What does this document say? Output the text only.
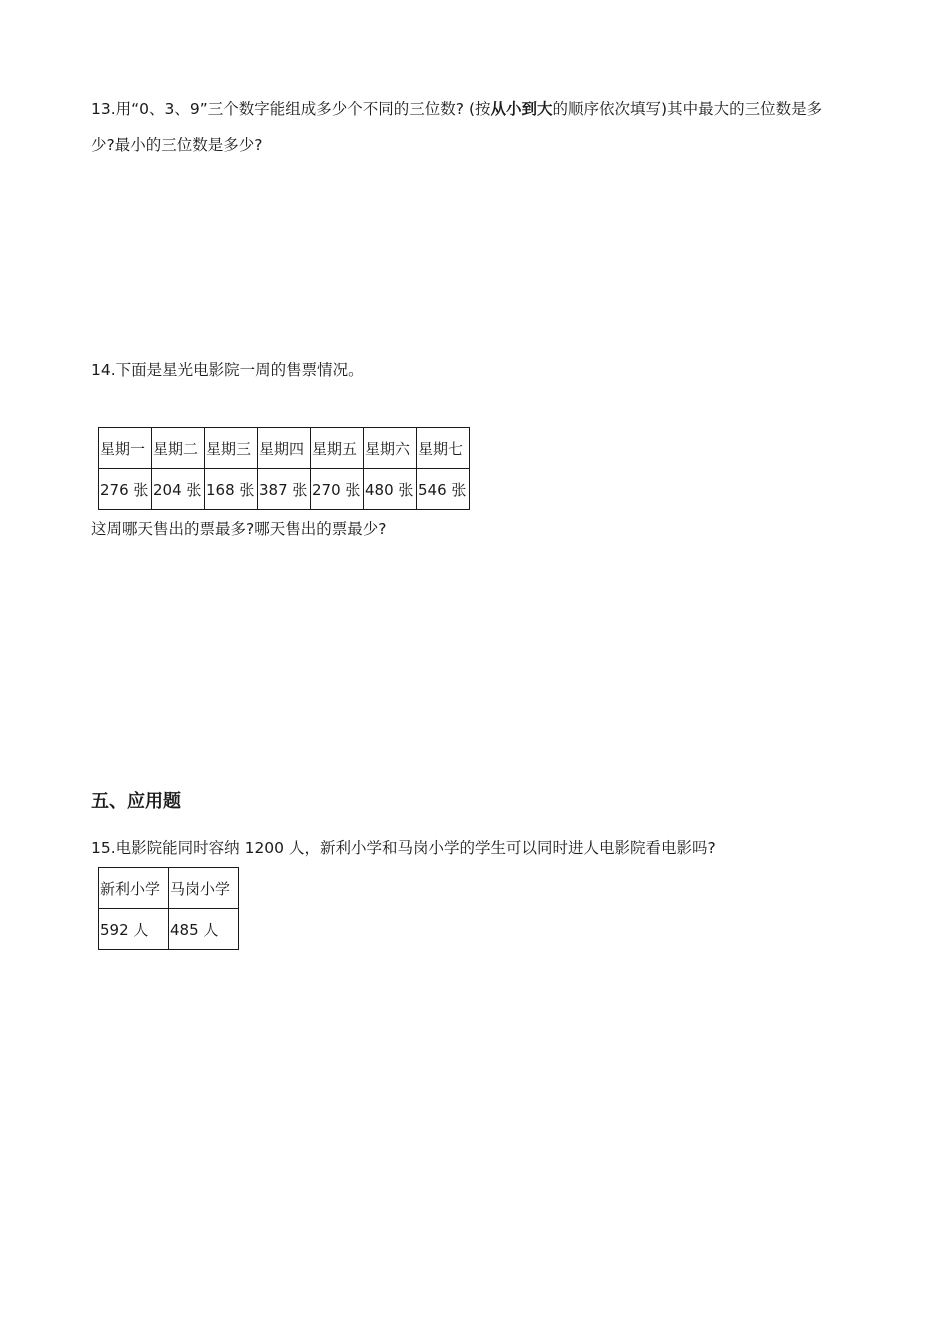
13.用“0、3、9”三个数字能组成多少个不同的三位数? (按从小到大的顺序依次填写)其中最大的三位数是多
少?最小的三位数是多少?
14.下面是星光电影院一周的售票情况。
星期一	星期二	星期三	星期四	星期五	星期六	星期七
276 张	204 张	168 张	387 张	270 张	480 张	546 张
这周哪天售出的票最多?哪天售出的票最少?
五、应用题
15.电影院能同时容纳 1200 人，新利小学和马岗小学的学生可以同时进人电影院看电影吗?
新利小学	马岗小学
592 人	485 人
